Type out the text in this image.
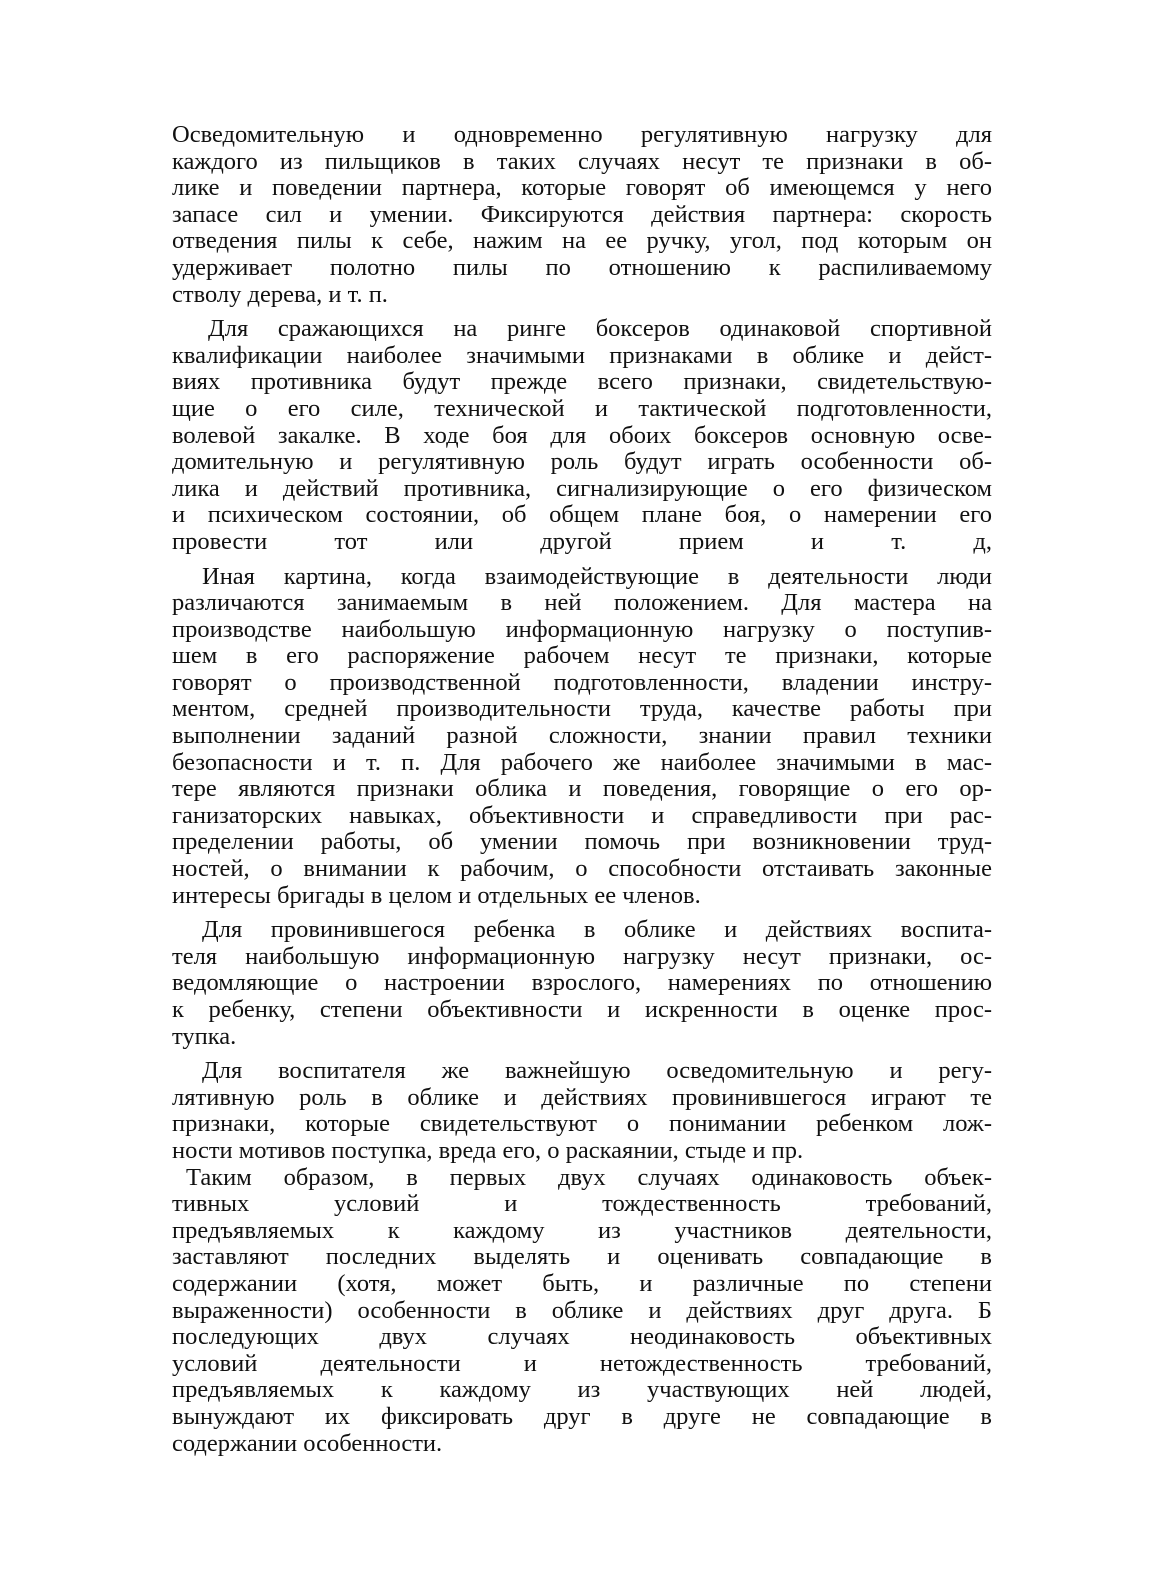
Осведомительную и одновременно регулятивную нагрузку для
каждого из пильщиков в таких случаях несут те признаки в об-
лике и поведении партнера, которые говорят об имеющемся у него
запасе сил и умении. Фиксируются действия партнера: скорость
отведения пилы к себе, нажим на ее ручку, угол, под которым он
удерживает полотно пилы по отношению к распиливаемому
стволу дерева, и т. п.
Для сражающихся на ринге боксеров одинаковой спортивной
квалификации наиболее значимыми признаками в облике и дейст-
виях противника будут прежде всего признаки, свидетельствую-
щие о его силе, технической и тактической подготовленности,
волевой закалке. В ходе боя для обоих боксеров основную осве-
домительную и регулятивную роль будут играть особенности об-
лика и действий противника, сигнализирующие о его физическом
и психическом состоянии, об общем плане боя, о намерении его
провести тот или другой прием и т. д,
Иная картина, когда взаимодействующие в деятельности люди
различаются занимаемым в ней положением. Для мастера на
производстве наибольшую информационную нагрузку о поступив-
шем в его распоряжение рабочем несут те признаки, которые
говорят о производственной подготовленности, владении инстру-
ментом, средней производительности труда, качестве работы при
выполнении заданий разной сложности, знании правил техники
безопасности и т. п. Для рабочего же наиболее значимыми в мас-
тере являются признаки облика и поведения, говорящие о его ор-
ганизаторских навыках, объективности и справедливости при рас-
пределении работы, об умении помочь при возникновении труд-
ностей, о внимании к рабочим, о способности отстаивать законные
интересы бригады в целом и отдельных ее членов.
Для провинившегося ребенка в облике и действиях воспита-
теля наибольшую информационную нагрузку несут признаки, ос-
ведомляющие о настроении взрослого, намерениях по отношению
к ребенку, степени объективности и искренности в оценке прос-
тупка.
Для воспитателя же важнейшую осведомительную и регу-
лятивную роль в облике и действиях провинившегося играют те
признаки, которые свидетельствуют о понимании ребенком лож-
ности мотивов поступка, вреда его, о раскаянии, стыде и пр.
Таким образом, в первых двух случаях одинаковость объек-
тивных условий и тождественность требований,
предъявляемых к каждому из участников деятельности,
заставляют последних выделять и оценивать совпадающие в
содержании (хотя, может быть, и различные по степени
выраженности) особенности в облике и действиях друг друга. Б
последующих двух случаях неодинаковость объективных
условий деятельности и нетождественность требований,
предъявляемых к каждому из участвующих ней людей,
вынуждают их фиксировать друг в друге не совпадающие в
содержании особенности.
